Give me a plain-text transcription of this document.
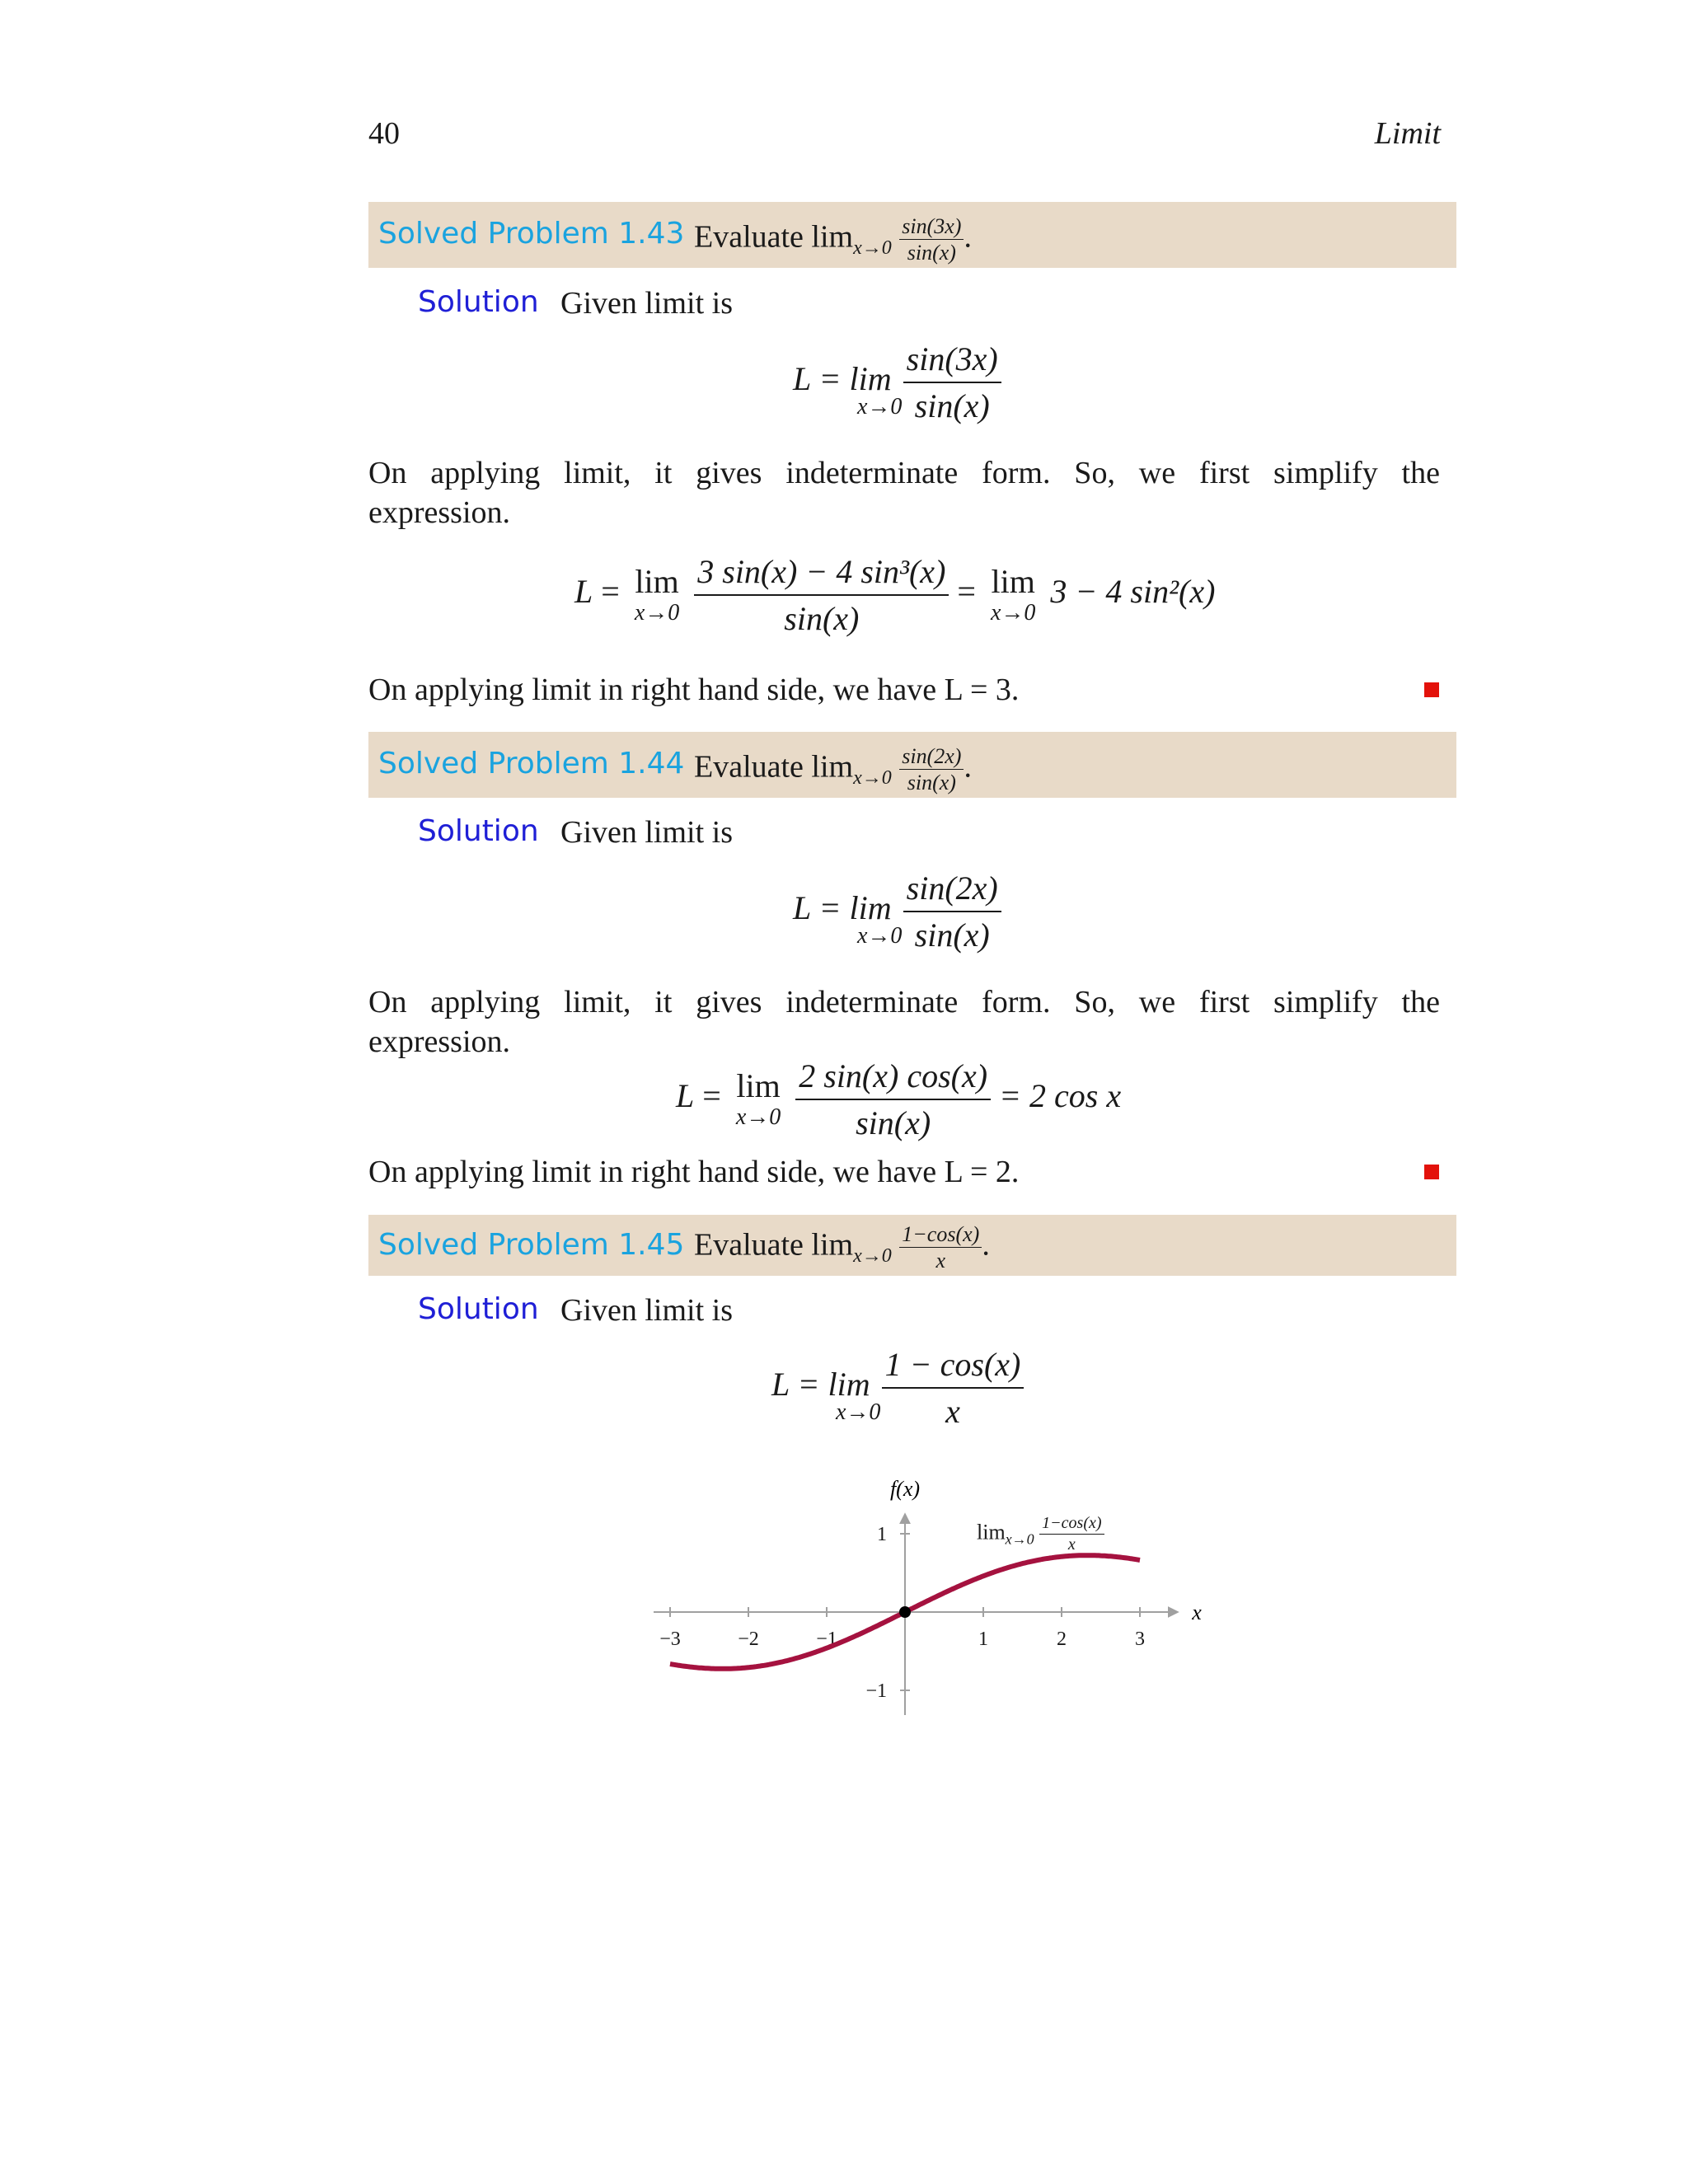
40	Limit
Solved Problem 1.43 Evaluate $\lim_{x\to 0} \frac{\sin(3x)}{\sin(x)}$ .
Solution Given limit is
$L = \lim \frac{\sin(3x)}{\sin(x)}$
x→0
On applying limit, it gives indeterminate form. So, we first simplify the
expression.
L = lim
x→0
$\frac{\text{3 sin(x) − 4 sin³(x)}}{\sin(x)} = \lim$
x→0
3 − 4 sin²(x)
On applying limit in right hand side, we have L = 3.
Solved Problem 1.44 Evaluate $\lim_{x\to 0} \frac{\sin(2x)}{\sin(x)}$ .
Solution Given limit is
$L = \lim \frac{\sin(2x)}{\sin(x)}$
x→0
On applying limit, it gives indeterminate form. So, we first simplify the
expression.
L = lim
x→0
$\frac{2 \sin(x) \cos(x)}{\sin(x)} = 2$ cos x
On applying limit in right hand side, we have L = 2.
Solved Problem 1.45 Evaluate $\lim_{x\to 0} \frac{1-\cos(x)}{x}$ .
Solution Given limit is
$L = \lim \frac{1 - \cos(x)}{x}$
x→0
−3	−2	−1	1	2	3
1
−1
f(x)
x
$\lim_{x\to 0} \frac{1-\cos(x)}{x}$
